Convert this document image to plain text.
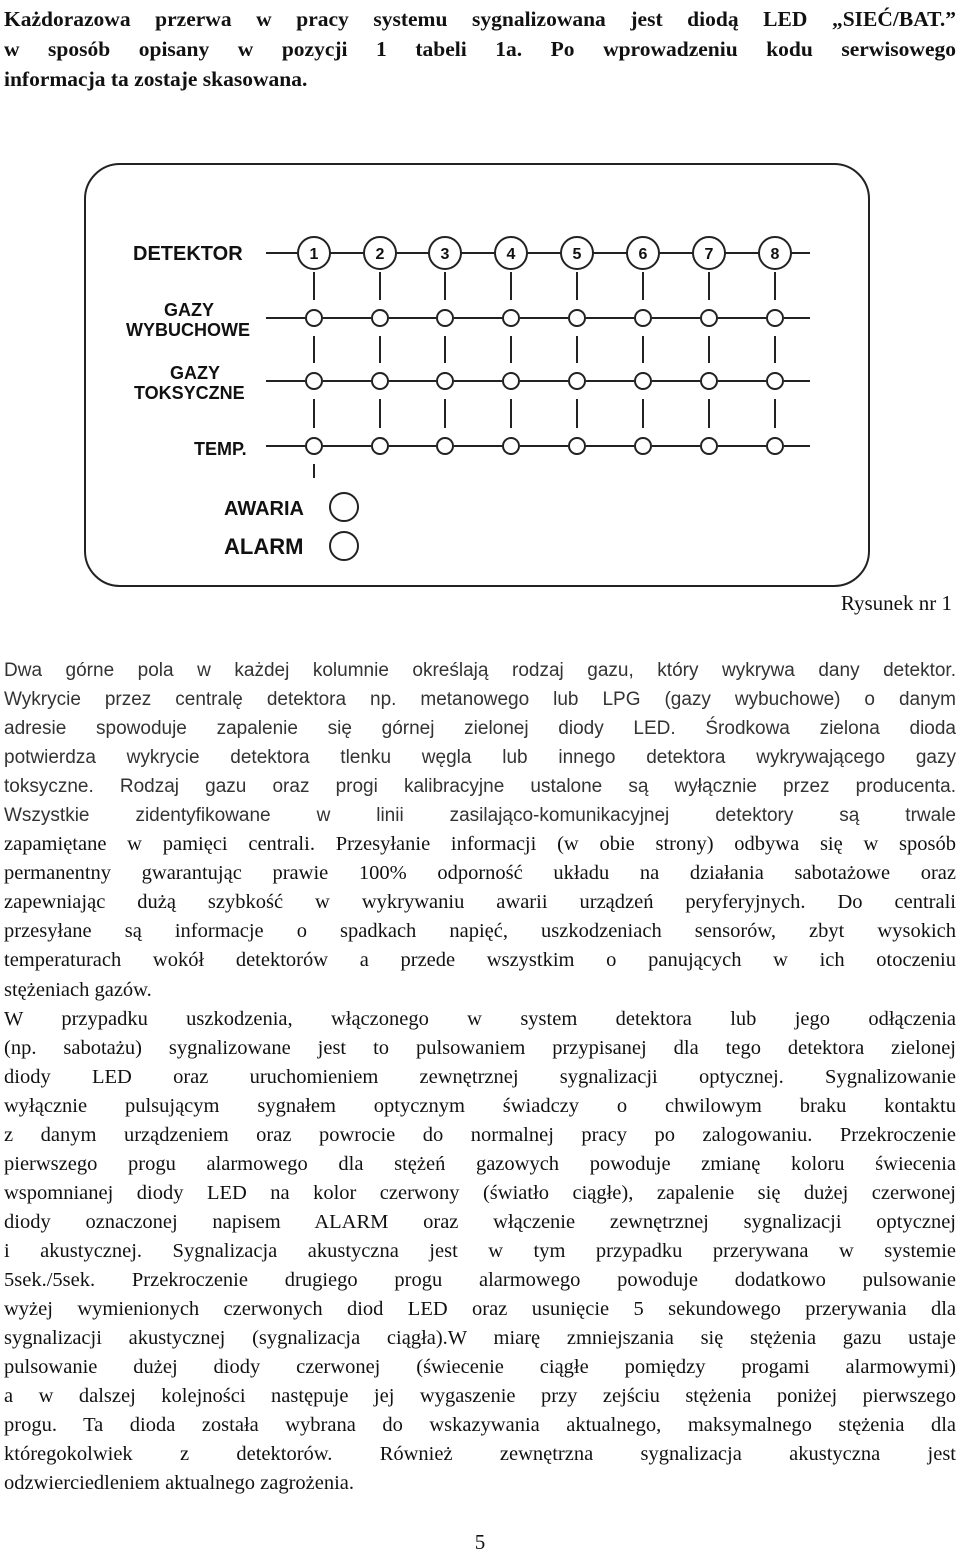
Każdorazowa przerwa w pracy systemu sygnalizowana jest diodą LED „SIEĆ/BAT.”
w sposób opisany w pozycji 1 tabeli 1a. Po wprowadzeniu kodu serwisowego
informacja ta zostaje skasowana.
DETEKTOR
GAZY
WYBUCHOWE
GAZY
TOKSYCZNE
TEMP.
AWARIA
ALARM
1	2	3	4	5	6	7	8
Rysunek nr 1
Dwa górne pola w każdej kolumnie określają rodzaj gazu, który wykrywa dany detektor.
Wykrycie przez centralę detektora np. metanowego lub LPG (gazy wybuchowe) o danym
adresie spowoduje zapalenie się górnej zielonej diody LED. Środkowa zielona dioda
potwierdza wykrycie detektora tlenku węgla lub innego detektora wykrywającego gazy
toksyczne. Rodzaj gazu oraz progi kalibracyjne ustalone są wyłącznie przez producenta.
Wszystkie zidentyfikowane w linii zasilająco-komunikacyjnej detektory są trwale
zapamiętane w pamięci centrali. Przesyłanie informacji (w obie strony) odbywa się w sposób
permanentny gwarantując prawie 100% odporność układu na działania sabotażowe oraz
zapewniając dużą szybkość w wykrywaniu awarii urządzeń peryferyjnych. Do centrali
przesyłane są informacje o spadkach napięć, uszkodzeniach sensorów, zbyt wysokich
temperaturach wokół detektorów a przede wszystkim o panujących w ich otoczeniu
stężeniach gazów.
W przypadku uszkodzenia, włączonego w system detektora lub jego odłączenia
(np. sabotażu) sygnalizowane jest to pulsowaniem przypisanej dla tego detektora zielonej
diody LED oraz uruchomieniem zewnętrznej sygnalizacji optycznej. Sygnalizowanie
wyłącznie pulsującym sygnałem optycznym świadczy o chwilowym braku kontaktu
z danym urządzeniem oraz powrocie do normalnej pracy po zalogowaniu. Przekroczenie
pierwszego progu alarmowego dla stężeń gazowych powoduje zmianę koloru świecenia
wspomnianej diody LED na kolor czerwony (światło ciągłe), zapalenie się dużej czerwonej
diody oznaczonej napisem ALARM oraz włączenie zewnętrznej sygnalizacji optycznej
i akustycznej. Sygnalizacja akustyczna jest w tym przypadku przerywana w systemie
5sek./5sek. Przekroczenie drugiego progu alarmowego powoduje dodatkowo pulsowanie
wyżej wymienionych czerwonych diod LED oraz usunięcie 5 sekundowego przerywania dla
sygnalizacji akustycznej (sygnalizacja ciągła).W miarę zmniejszania się stężenia gazu ustaje
pulsowanie dużej diody czerwonej (świecenie ciągłe pomiędzy progami alarmowymi)
a w dalszej kolejności następuje jej wygaszenie przy zejściu stężenia poniżej pierwszego
progu. Ta dioda została wybrana do wskazywania aktualnego, maksymalnego stężenia dla
któregokolwiek z detektorów. Również zewnętrzna sygnalizacja akustyczna jest
odzwierciedleniem aktualnego zagrożenia.
5
